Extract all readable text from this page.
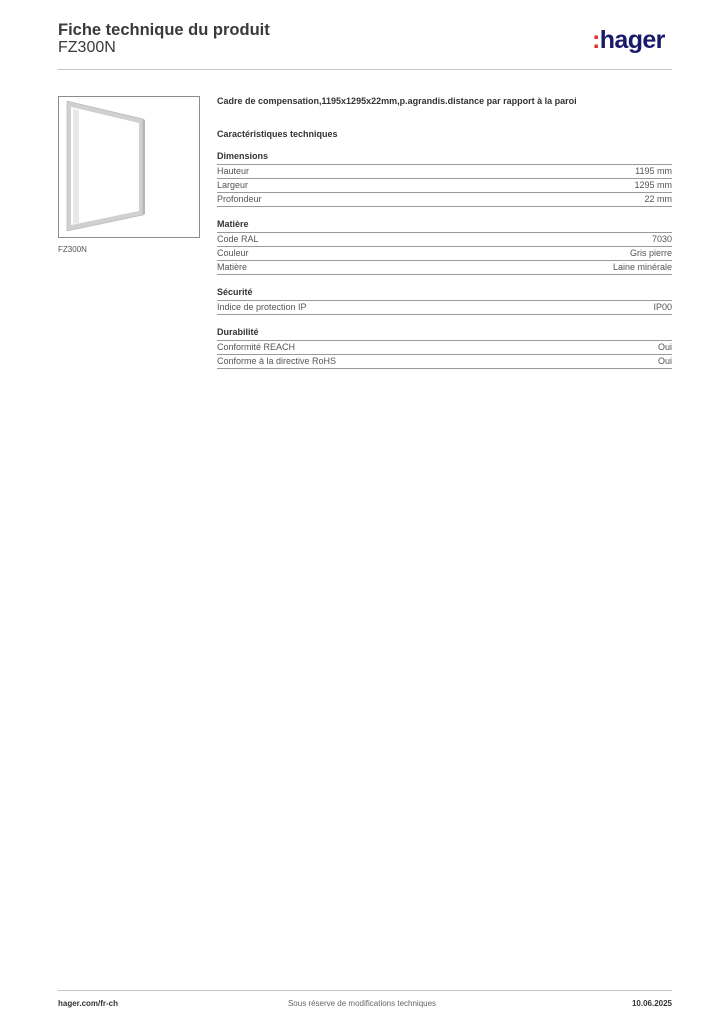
Fiche technique du produit
FZ300N	:hager
FZ300N
Cadre de compensation,1195x1295x22mm,p.agrandis.distance par rapport à la paroi
Caractéristiques techniques
Dimensions
Hauteur	1195 mm
Largeur	1295 mm
Profondeur	22 mm
Matière
Code RAL	7030
Couleur	Gris pierre
Matière	Laine minérale
Sécurité
Indice de protection IP	IP00
Durabilité
Conformité REACH	Oui
Conforme à la directive RoHS	Oui
hager.com/fr-ch	Sous réserve de modifications techniques	10.06.2025
